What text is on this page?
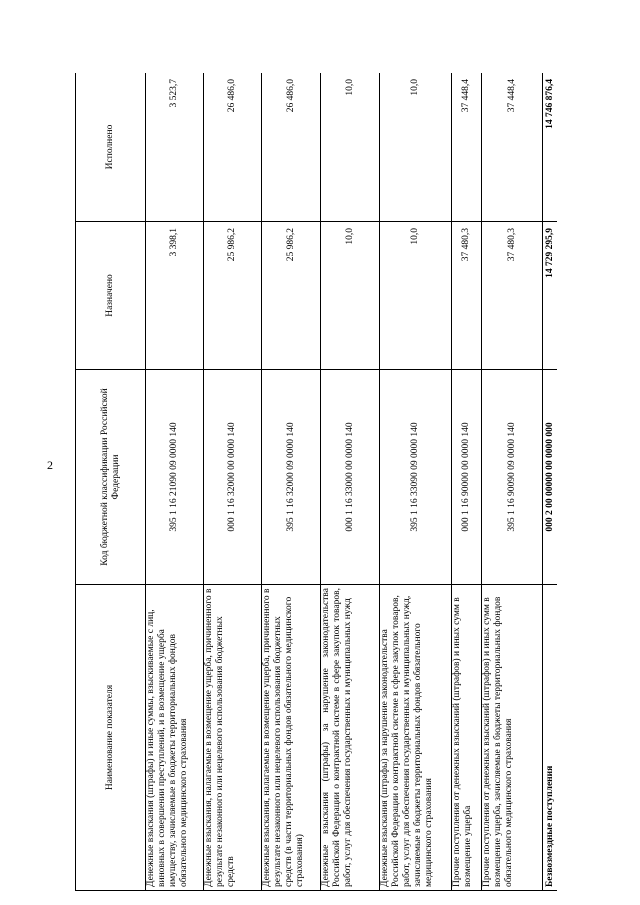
2
Наименование показателя	Код бюджетной классификации Российской Федерации	Назначено	Исполнено
Денежные взыскания (штрафы) и иные суммы, взыскиваемые с лиц, виновных в совершении преступлений, и в возмещение ущерба имуществу, зачисляемые в бюджеты территориальных фондов обязательного медицинского страхования	395 1 16 21090 09 0000 140	3 398,1	3 523,7
Денежные взыскания, налагаемые в возмещение ущерба, причиненного в результате незаконного или нецелевого использования бюджетных средств	000 1 16 32000 00 0000 140	25 986,2	26 486,0
Денежные взыскания, налагаемые в возмещение ущерба, причиненного в результате незаконного или нецелевого использования бюджетных средств (в части территориальных фондов обязательного медицинского страхования)	395 1 16 32000 09 0000 140	25 986,2	26 486,0
Денежные взыскания (штрафы) за нарушение законодательства Российской Федерации о контрактной системе в сфере закупок товаров, работ, услуг для обеспечения государственных и муниципальных нужд	000 1 16 33000 00 0000 140	10,0	10,0
Денежные взыскания (штрафы) за нарушение законодательства Российской Федерации о контрактной системе в сфере закупок товаров, работ, услуг для обеспечения государственных и муниципальных нужд, зачисляемые в бюджеты территориальных фондов обязательного медицинского страхования	395 1 16 33090 09 0000 140	10,0	10,0
Прочие поступления от денежных взысканий (штрафов) и иных сумм в возмещение ущерба	000 1 16 90000 00 0000 140	37 480,3	37 448,4
Прочие поступления от денежных взысканий (штрафов) и иных сумм в возмещение ущерба, зачисляемые в бюджеты территориальных фондов обязательного медицинского страхования	395 1 16 90090 09 0000 140	37 480,3	37 448,4
Безвозмездные поступления	000 2 00 00000 00 0000 000	14 729 295,9	14 746 876,4
